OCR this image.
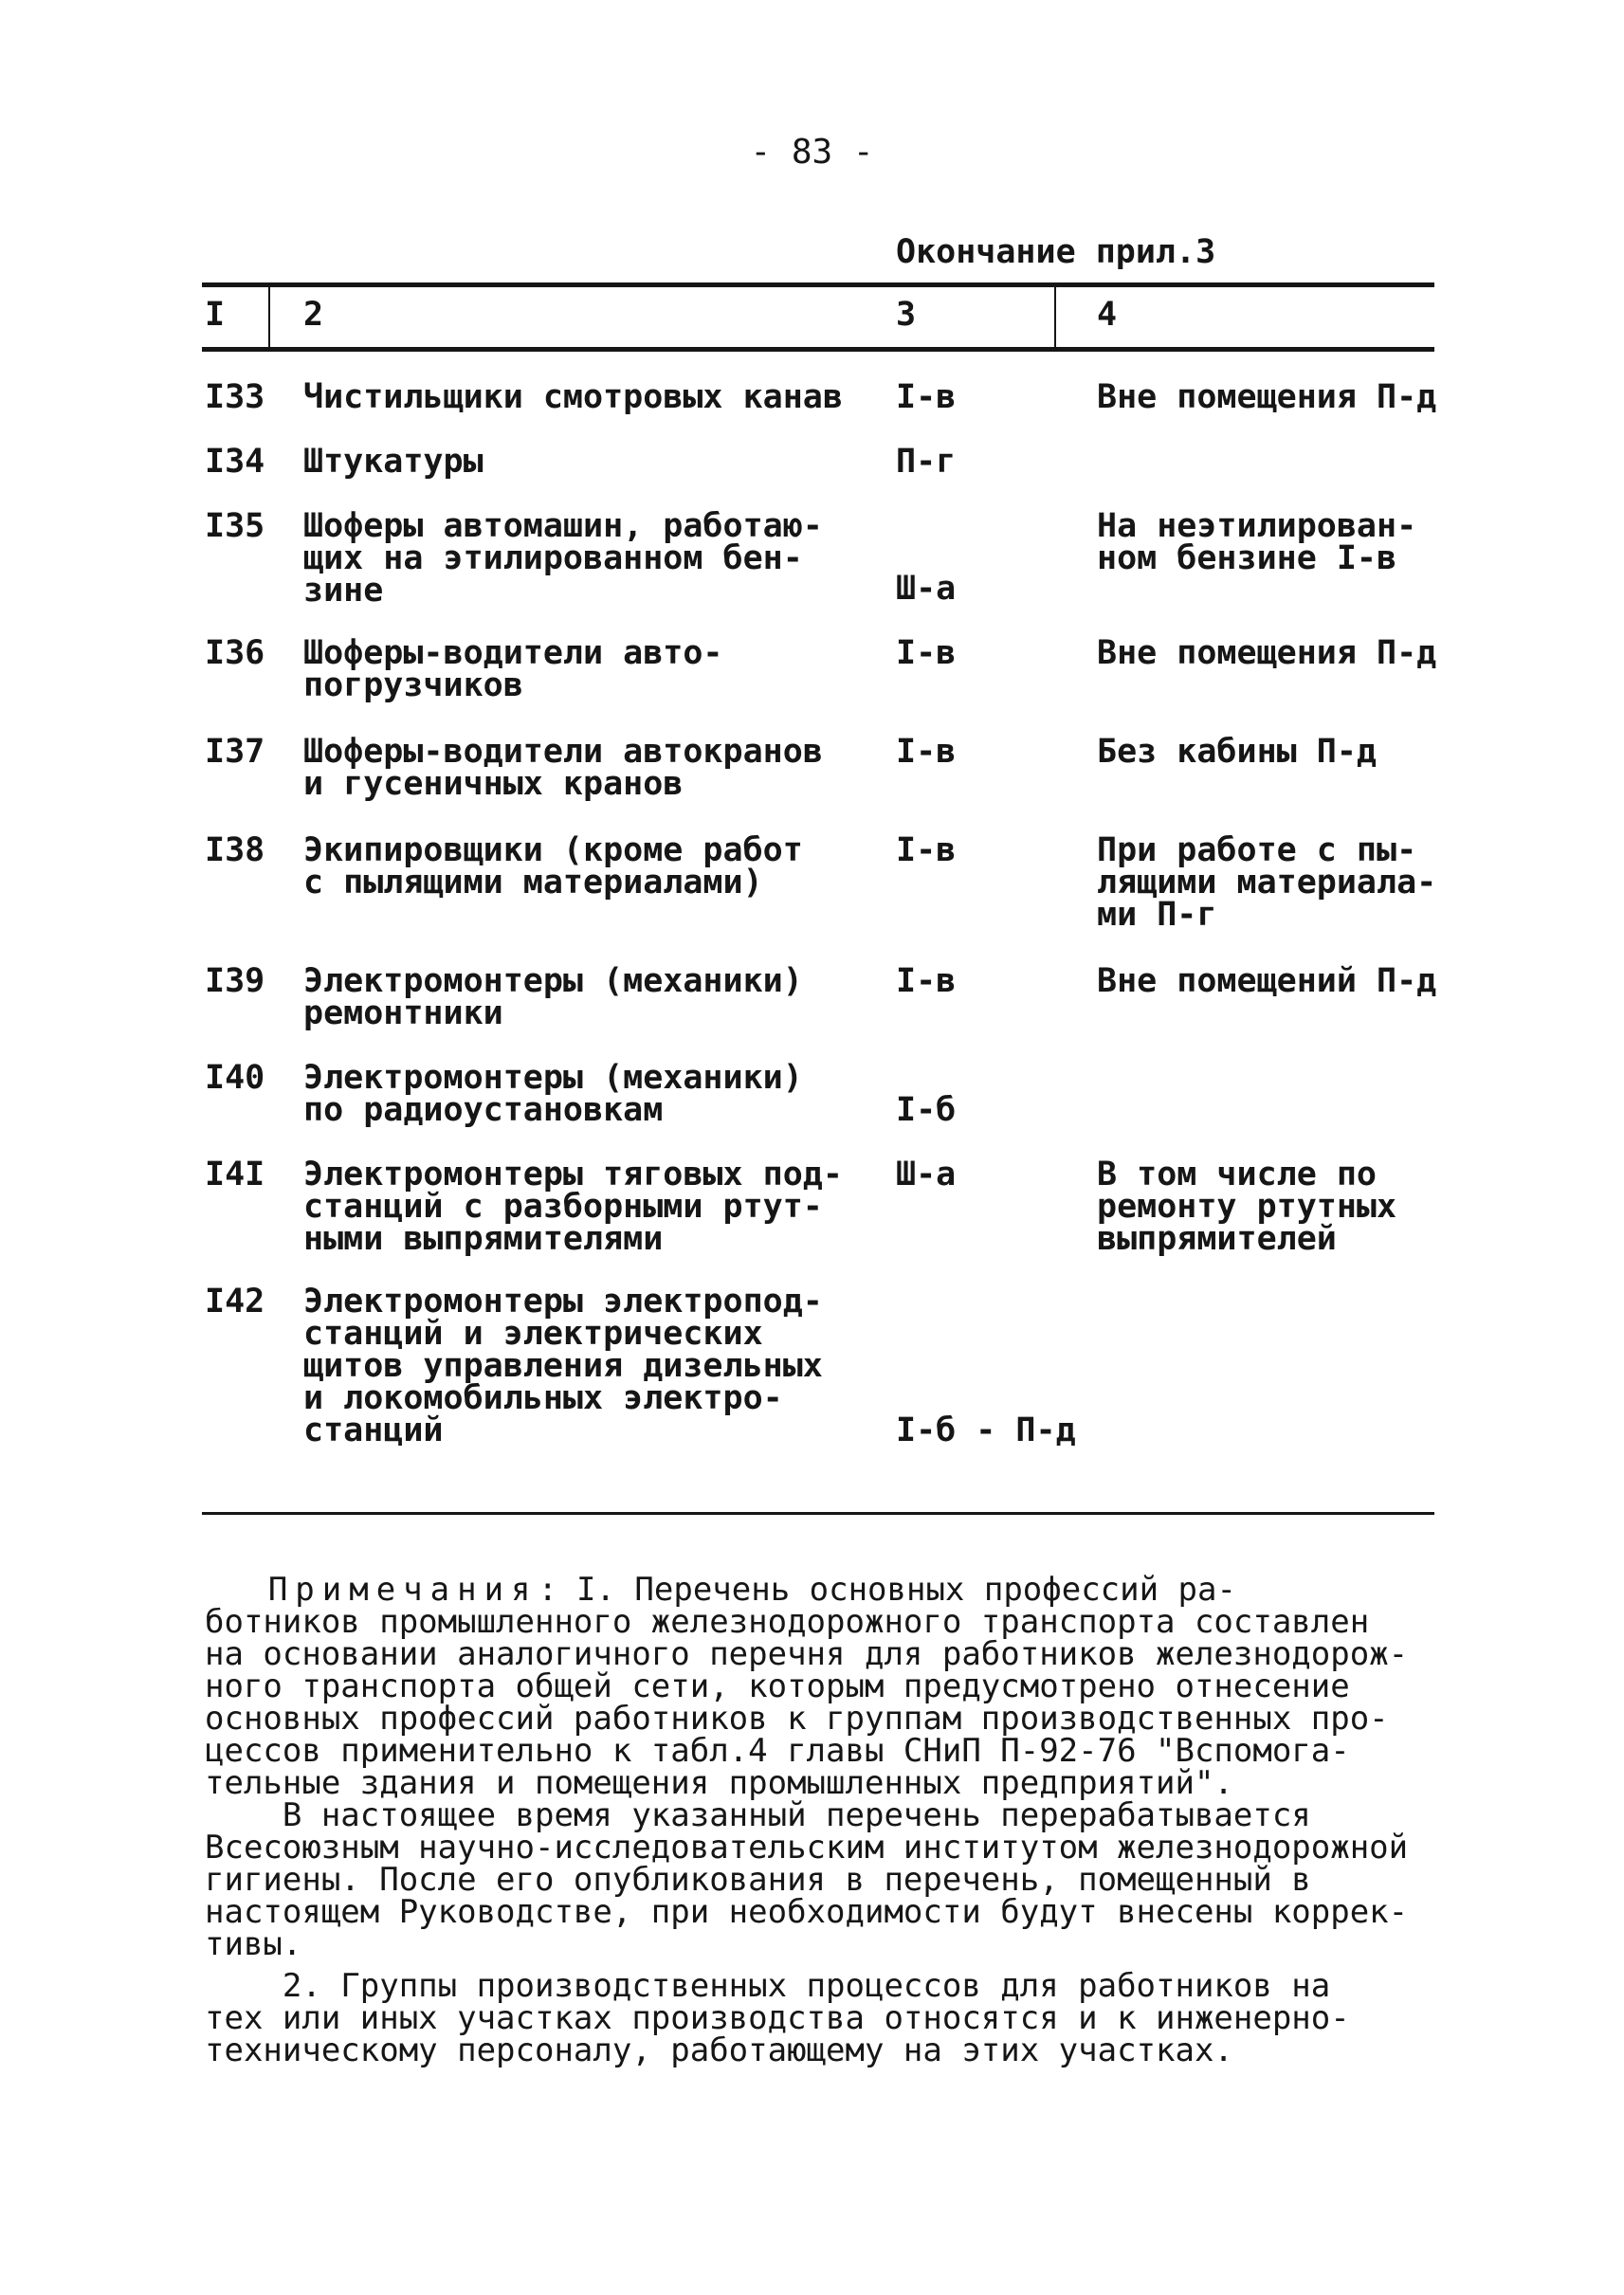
- 83 -
Окончание прил.3
I 2	3	4
I33 Чистильщики смотровых канав I-в	Вне помещения П-д
I34 Штукатуры	П-г
I35 Шоферы автомашин, работаю-
щих на этилированном бен-
зине	Ш-а
На неэтилирован-
ном бензине I-в
I36 Шоферы-водители авто-
погрузчиков
I-в	Вне помещения П-д
I37 Шоферы-водители автокранов
и гусеничных кранов
I-в	Без кабины П-д
I38 Экипировщики (кроме работ
с пылящими материалами)
I-в	При работе с пы-
лящими материала-
ми П-г
I39 Электромонтеры (механики)
ремонтники
I-в	Вне помещений П-д
I40 Электромонтеры (механики)
по радиоустановкам	I-б
I4I Электромонтеры тяговых под-
станций с разборными ртут-
ными выпрямителями
Ш-а	В том числе по
ремонту ртутных
выпрямителей
I42 Электромонтеры электропод-
станций и электрических
щитов управления дизельных
и локомобильных электро-
станций	I-б - П-д
Примечания: I. Перечень основных профессий ра-
ботников промышленного железнодорожного транспорта составлен
на основании аналогичного перечня для работников железнодорож-
ного транспорта общей сети, которым предусмотрено отнесение
основных профессий работников к группам производственных про-
цессов применительно к табл.4 главы СНиП П-92-76 "Вспомога-
тельные здания и помещения промышленных предприятий".
В настоящее время указанный перечень перерабатывается
Всесоюзным научно-исследовательским институтом железнодорожной
гигиены. После его опубликования в перечень, помещенный в
настоящем Руководстве, при необходимости будут внесены коррек-
тивы.
2. Группы производственных процессов для работников на
тех или иных участках производства относятся и к инженерно-
техническому персоналу, работающему на этих участках.
